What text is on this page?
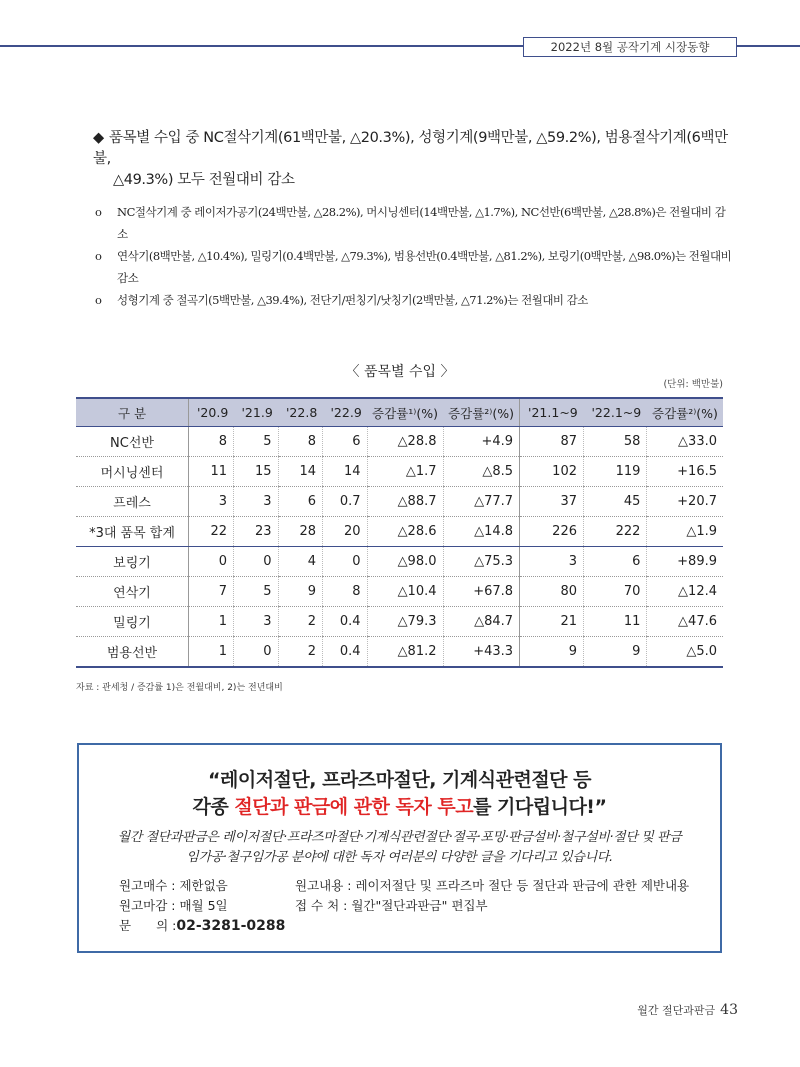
2022년 8월 공작기계 시장동향
◆ 품목별 수입 중 NC절삭기계(61백만불, △20.3%), 성형기계(9백만불, △59.2%), 범용절삭기계(6백만불,
△49.3%) 모두 전월대비 감소
o	NC절삭기계 중 레이저가공기(24백만불, △28.2%), 머시닝센터(14백만불, △1.7%), NC선반(6백만불, △28.8%)은 전월대비 감소
o	연삭기(8백만불, △10.4%), 밀링기(0.4백만불, △79.3%), 범용선반(0.4백만불, △81.2%), 보링기(0백만불, △98.0%)는 전월대비 감소
o	성형기계 중 절곡기(5백만불, △39.4%), 전단기/펀칭기/낫칭기(2백만불, △71.2%)는 전월대비 감소
〈 품목별 수입 〉
(단위: 백만불)
구 분	'20.9	'21.9	'22.8	'22.9	증감률¹⁾(%)	증감률²⁾(%)	'21.1~9	'22.1~9	증감률²⁾(%)
NC선반	8	5	8	6	△28.8	+4.9	87	58	△33.0
머시닝센터	11	15	14	14	△1.7	△8.5	102	119	+16.5
프레스	3	3	6	0.7	△88.7	△77.7	37	45	+20.7
*3대 품목 합계	22	23	28	20	△28.6	△14.8	226	222	△1.9
보링기	0	0	4	0	△98.0	△75.3	3	6	+89.9
연삭기	7	5	9	8	△10.4	+67.8	80	70	△12.4
밀링기	1	3	2	0.4	△79.3	△84.7	21	11	△47.6
범용선반	1	0	2	0.4	△81.2	+43.3	9	9	△5.0
자료 : 관세청 / 증감률 1)은 전월대비, 2)는 전년대비
“레이저절단, 프라즈마절단, 기계식관련절단 등
각종 절단과 판금에 관한 독자 투고를 기다립니다!”
월간 절단과판금은 레이저절단·프라즈마절단·기계식관련절단·절곡·포밍·판금설비·철구설비·절단 및 판금
임가공·철구임가공 분야에 대한 독자 여러분의 다양한 글을 기다리고 있습니다.
원고매수 : 제한없음	원고내용 : 레이저절단 및 프라즈마 절단 등 절단과 판금에 관한 제반내용
원고마감 : 매월 5일	접 수 처 : 월간"절단과판금" 편집부
문　　의 : 02-3281-0288
월간 절단과판금 43
